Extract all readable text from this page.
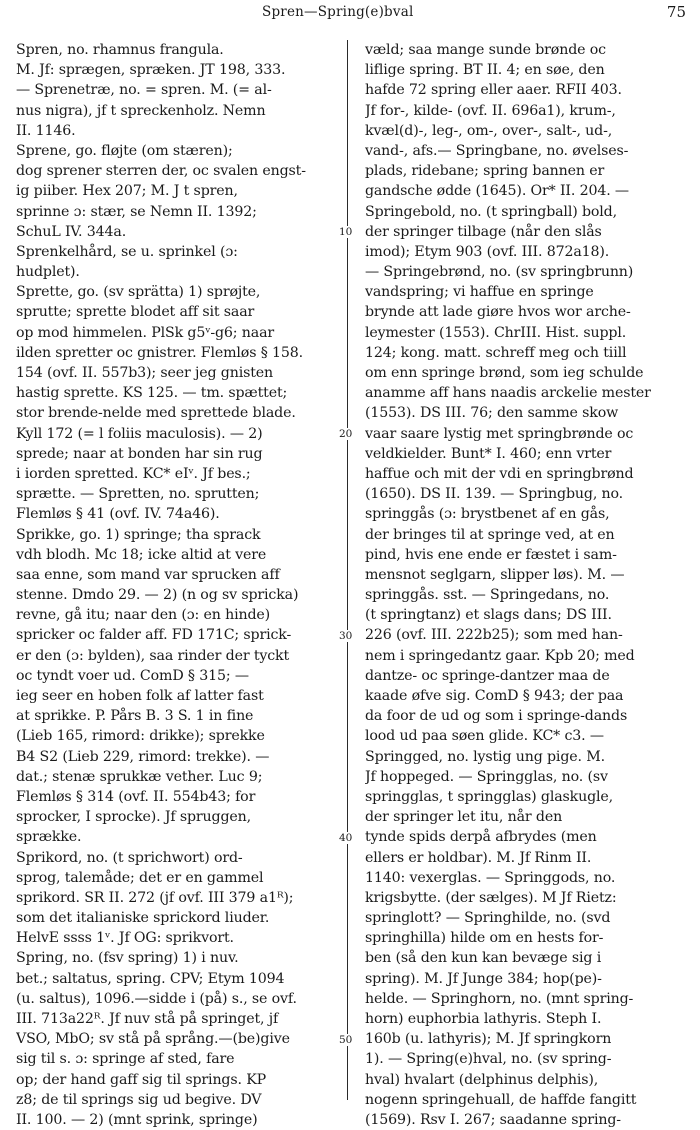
Spren—Spring(e)bval	75
Spren, no. rhamnus frangula.
M. Jf: sprægen, spræken. JT 198, 333.
— Sprenetræ, no. = spren. M. (= al-
nus nigra), jf t spreckenholz. Nemn
II. 1146.
Sprene, go. fløjte (om stæren);
dog sprener sterren der, oc svalen engst-
ig piiber. Hex 207; M. J t spren,
sprinne ɔ: stær, se Nemn II. 1392;
SchuL IV. 344a.
Sprenkelhård, se u. sprinkel (ɔ:
hudplet).
Sprette, go. (sv sprätta) 1) sprøjte,
sprutte; sprette blodet aff sit saar
op mod himmelen. PlSk g5ᵛ-g6; naar
ilden spretter oc gnistrer. Flemløs § 158.
154 (ovf. II. 557b3); seer jeg gnisten
hastig sprette. KS 125. — tm. spættet;
stor brende-nelde med sprettede blade.
Kyll 172 (= l foliis maculosis). — 2)
sprede; naar at bonden har sin rug
i iorden spretted. KC* eIᵛ. Jf bes.;
sprætte. — Spretten, no. sprutten;
Flemløs § 41 (ovf. IV. 74a46).
Sprikke, go. 1) springe; tha sprack
vdh blodh. Mc 18; icke altid at vere
saa enne, som mand var sprucken aff
stenne. Dmdo 29. — 2) (n og sv spricka)
revne, gå itu; naar den (ɔ: en hinde)
spricker oc falder aff. FD 171C; sprick-
er den (ɔ: bylden), saa rinder der tyckt
oc tyndt voer ud. ComD § 315; —
ieg seer en hoben folk af latter fast
at sprikke. P. Pårs B. 3 S. 1 in fine
(Lieb 165, rimord: drikke); sprekke
B4 S2 (Lieb 229, rimord: trekke). —
dat.; stenæ sprukkæ vether. Luc 9;
Flemløs § 314 (ovf. II. 554b43; for
sprocker, I sprocke). Jf spruggen,
sprække.
Sprikord, no. (t sprichwort) ord-
sprog, talemåde; det er en gammel
sprikord. SR II. 272 (jf ovf. III 379 a1ᴿ);
som det italianiske sprickord liuder.
HelvE ssss 1ᵛ. Jf OG: sprikvort.
Spring, no. (fsv spring) 1) i nuv.
bet.; saltatus, spring. CPV; Etym 1094
(u. saltus), 1096.—sidde i (på) s., se ovf.
III. 713a22ᴿ. Jf nuv stå på springet, jf
VSO, MbO; sv stå på språng.—(be)give
sig til s. ɔ: springe af sted, fare
op; der hand gaff sig til springs. KP
z8; de til springs sig ud begive. DV
II. 100. — 2) (mnt sprink, springe)
10
20
30
40
50
væld; saa mange sunde brønde oc
liflige spring. BT II. 4; en søe, den
hafde 72 spring eller aaer. RFII 403.
Jf for-, kilde- (ovf. II. 696a1), krum-,
kvæl(d)-, leg-, om-, over-, salt-, ud-,
vand-, afs.— Springbane, no. øvelses-
plads, ridebane; spring bannen er
gandsche ødde (1645). Or* II. 204. —
Springebold, no. (t springball) bold,
der springer tilbage (når den slås
imod); Etym 903 (ovf. III. 872a18).
— Springebrønd, no. (sv springbrunn)
vandspring; vi haffue en springe
brynde att lade giøre hvos wor arche-
leymester (1553). ChrIII. Hist. suppl.
124; kong. matt. schreff meg och tiill
om enn springe brønd, som ieg schulde
anamme aff hans naadis arckelie mester
(1553). DS III. 76; den samme skow
vaar saare lystig met springbrønde oc
veldkielder. Bunt* I. 460; enn vrter
haffue och mit der vdi en springbrønd
(1650). DS II. 139. — Springbug, no.
springgås (ɔ: brystbenet af en gås,
der bringes til at springe ved, at en
pind, hvis ene ende er fæstet i sam-
mensnot seglgarn, slipper løs). M. —
springgås. sst. — Springedans, no.
(t springtanz) et slags dans; DS III.
226 (ovf. III. 222b25); som med han-
nem i springedantz gaar. Kpb 20; med
dantze- oc springe-dantzer maa de
kaade øfve sig. ComD § 943; der paa
da foor de ud og som i springe-dands
lood ud paa søen glide. KC* c3. —
Springged, no. lystig ung pige. M.
Jf hoppeged. — Springglas, no. (sv
springglas, t springglas) glaskugle,
der springer let itu, når den
tynde spids derpå afbrydes (men
ellers er holdbar). M. Jf Rinm II.
1140: vexerglas. — Springgods, no.
krigsbytte. (der sælges). M Jf Rietz:
springlott? — Springhilde, no. (svd
springhilla) hilde om en hests for-
ben (så den kun kan bevæge sig i
spring). M. Jf Junge 384; hop(pe)-
helde. — Springhorn, no. (mnt spring-
horn) euphorbia lathyris. Steph I.
160b (u. lathyris); M. Jf springkorn
1). — Spring(e)hval, no. (sv spring-
hval) hvalart (delphinus delphis),
nogenn springehuall, de haffde fangitt
(1569). Rsv I. 267; saadanne spring-
